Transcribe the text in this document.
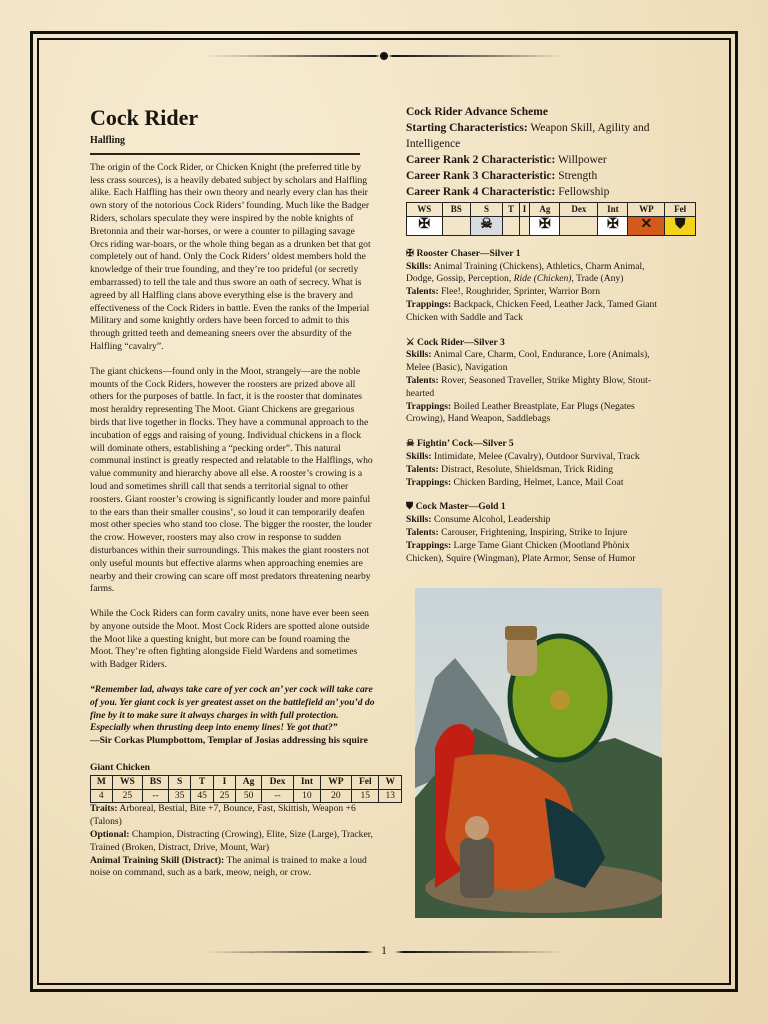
Cock Rider
Halfling

The origin of the Cock Rider, or Chicken Knight (the preferred title by less crass sources), is a heavily debated subject by scholars and Halfling alike. Each Halfling has their own theory and nearly every clan has their own story of the notorious Cock Riders’ founding. Much like the Badger Riders, scholars speculate they were inspired by the noble knights of Bretonnia and their war-horses, or were a counter to pillaging savage Orcs riding war-boars, or the whole thing began as a drunken bet that got completely out of hand. Only the Cock Riders’ oldest members hold the knowledge of their true founding, and they’re too prideful (or secretly embarrassed) to tell the tale and thus swore an oath of secrecy. What is agreed by all Halfling clans above everything else is the bravery and effectiveness of the Cock Riders in battle. Even the ranks of the Imperial Military and some knightly orders have been forced to admit to this through gritted teeth and demeaning sneers over the absurdity of the Halfling “cavalry”.

The giant chickens—found only in the Moot, strangely—are the noble mounts of the Cock Riders, however the roosters are prized above all others for the purposes of battle. In fact, it is the rooster that dominates most heraldry representing The Moot. Giant Chickens are gregarious birds that live together in flocks. They have a communal approach to the incubation of eggs and raising of young. Individual chickens in a flock will dominate others, establishing a “pecking order”. This natural communal instinct is greatly respected and relatable to the Halflings, who value community and hierarchy above all else. A rooster’s crowing is a loud and sometimes shrill call that sends a territorial signal to other roosters. Giant rooster’s crowing is significantly louder and more painful to the ears than their smaller cousins’, so loud it can temporarily deafen most other species who stand too close. The bigger the rooster, the louder the crow. However, roosters may also crow in response to sudden disturbances within their surroundings. This makes the giant roosters not only useful mounts but effective alarms when approaching enemies are nearby and their crowing can scare off most predators threatening nearby farms.

While the Cock Riders can form cavalry units, none have ever been seen by anyone outside the Moot. Most Cock Riders are spotted alone outside the Moot like a questing knight, but more can be found roaming the Moot. They’re often fighting alongside Field Wardens and sometimes with Badger Riders.

“Remember lad, always take care of yer cock an’ yer cock will take care of you. Yer giant cock is yer greatest asset on the battlefield an’ you’d do fine by it to make sure it always charges in with full protection. Especially when thrusting deep into enemy lines! Ye got that?”

—Sir Corkas Plumpbottom, Templar of Josias addressing his squire

Giant Chicken
M	WS	BS	S	T	I	Ag	Dex	Int	WP	Fel	W
4	25	--	35	45	25	50	--	10	20	15	13
Traits: Arboreal, Bestial, Bite +7, Bounce, Fast, Skittish, Weapon +6 (Talons)
Optional: Champion, Distracting (Crowing), Elite, Size (Large), Tracker, Trained (Broken, Distract, Drive, Mount, War)
Animal Training Skill (Distract): The animal is trained to make a loud noise on command, such as a bark, meow, neigh, or crow.
Cock Rider Advance Scheme
Starting Characteristics: Weapon Skill, Agility and Intelligence
Career Rank 2 Characteristic: Willpower
Career Rank 3 Characteristic: Strength
Career Rank 4 Characteristic: Fellowship
WS	BS	S	T	I	Ag	Dex	Int	WP	Fel
✠		☠			✠		✠	✕	⛊
✠ Rooster Chaser—Silver 1
Skills: Animal Training (Chickens), Athletics, Charm Animal, Dodge, Gossip, Perception, Ride (Chicken), Trade (Any)
Talents: Flee!, Roughrider, Sprinter, Warrior Born
Trappings: Backpack, Chicken Feed, Leather Jack, Tamed Giant Chicken with Saddle and Tack
⚔ Cock Rider—Silver 3
Skills: Animal Care, Charm, Cool, Endurance, Lore (Animals), Melee (Basic), Navigation
Talents: Rover, Seasoned Traveller, Strike Mighty Blow, Stout-hearted
Trappings: Boiled Leather Breastplate, Ear Plugs (Negates Crowing), Hand Weapon, Saddlebags
☠ Fightin’ Cock—Silver 5
Skills: Intimidate, Melee (Cavalry), Outdoor Survival, Track
Talents: Distract, Resolute, Shieldsman, Trick Riding
Trappings: Chicken Barding, Helmet, Lance, Mail Coat
⛊ Cock Master—Gold 1
Skills: Consume Alcohol, Leadership
Talents: Carouser, Frightening, Inspiring, Strike to Injure
Trappings: Large Tame Giant Chicken (Mootland Phönix Chicken), Squire (Wingman), Plate Armor, Sense of Humor
1
